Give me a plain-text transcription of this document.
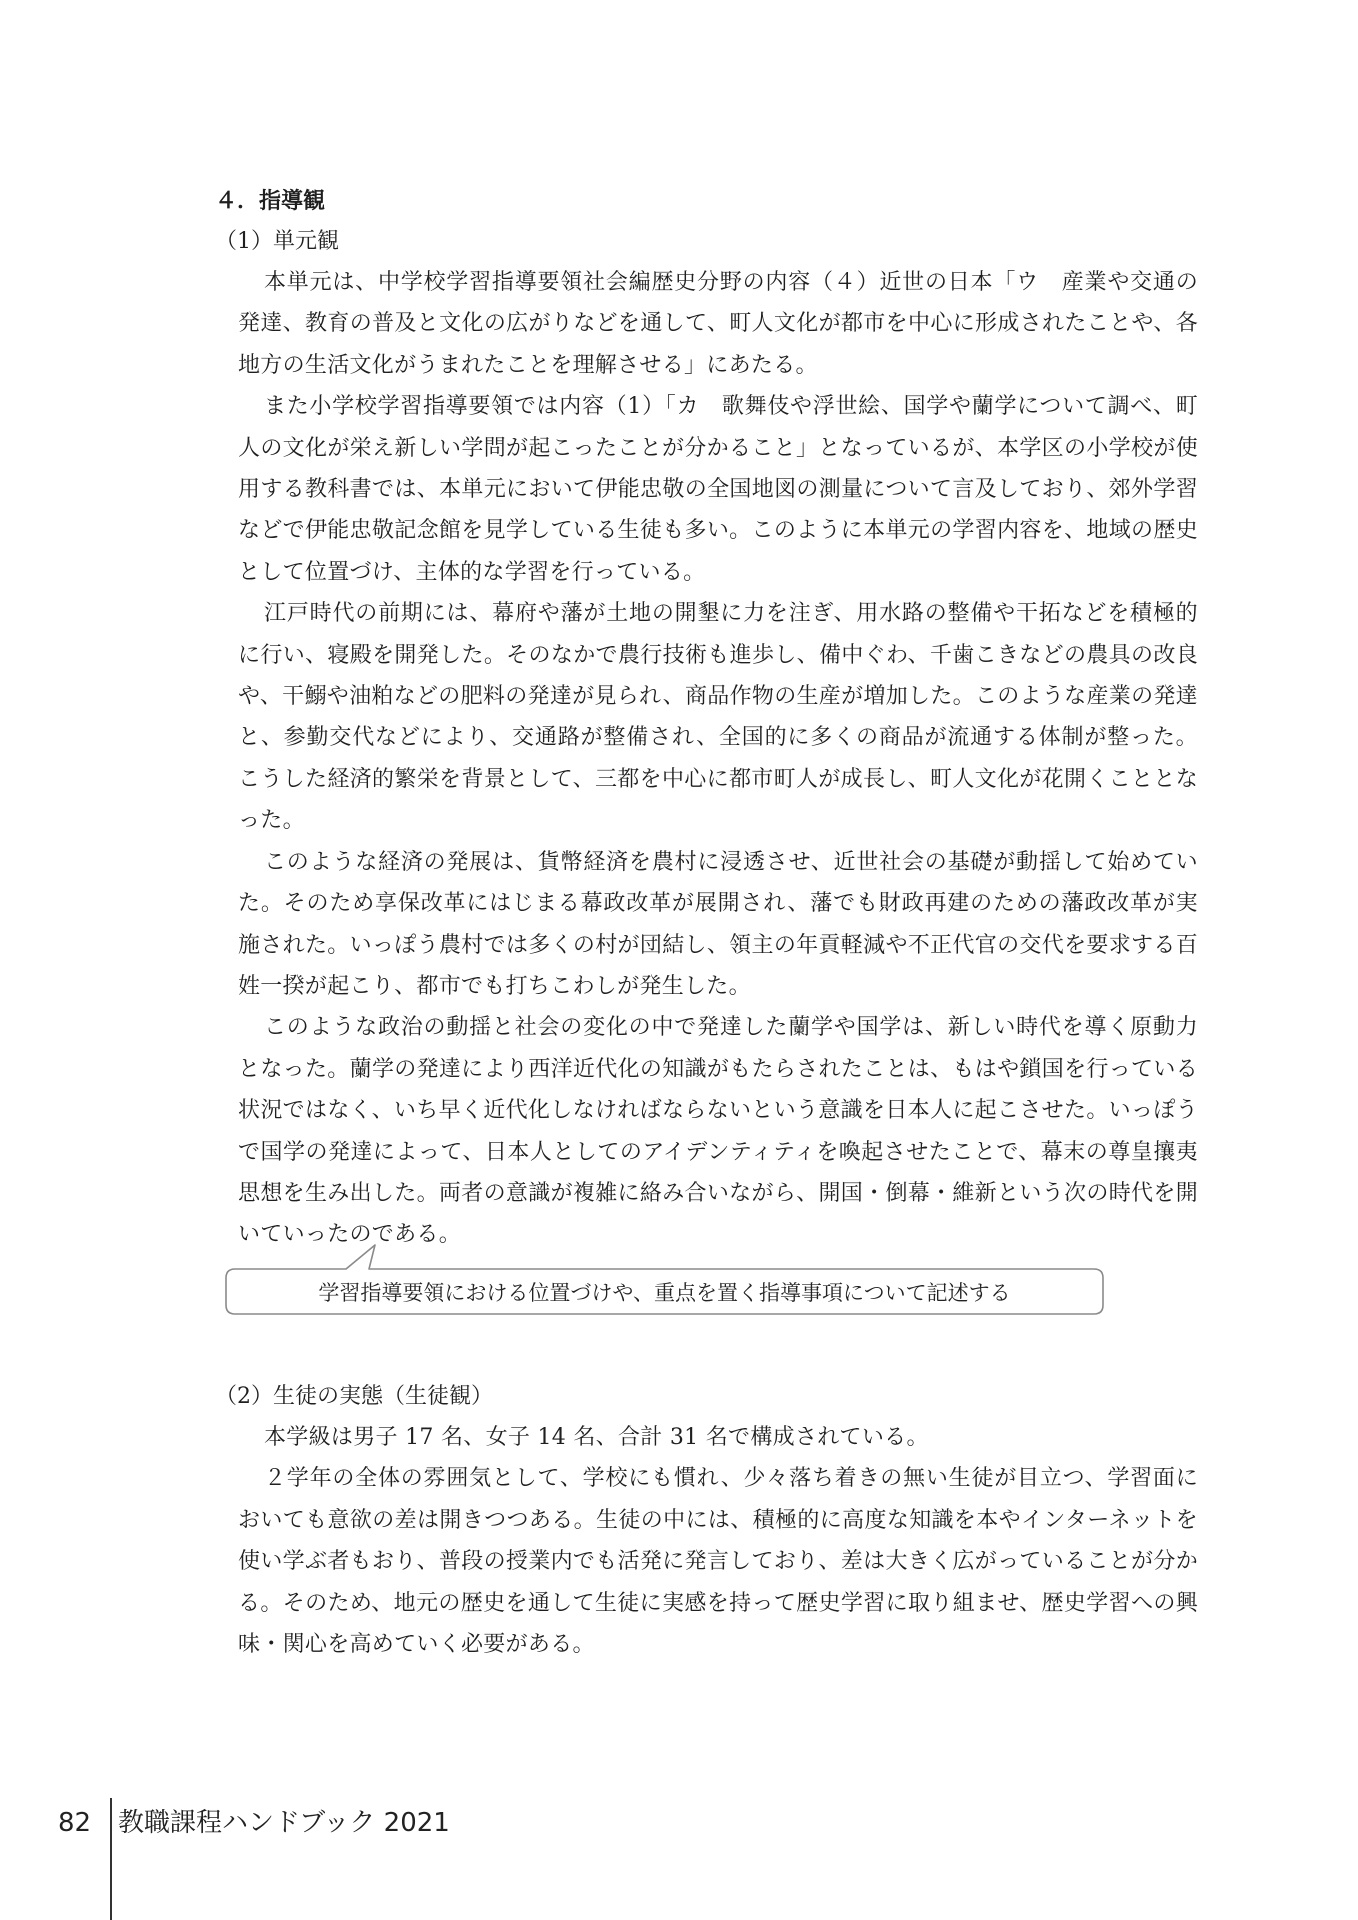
４．指導観
（1）単元観

本単元は、中学校学習指導要領社会編歴史分野の内容（４）近世の日本「ウ　産業や交通の発達、教育の普及と文化の広がりなどを通して、町人文化が都市を中心に形成されたことや、各地方の生活文化がうまれたことを理解させる」にあたる。

また小学校学習指導要領では内容（1）「カ　歌舞伎や浮世絵、国学や蘭学について調べ、町人の文化が栄え新しい学問が起こったことが分かること」となっているが、本学区の小学校が使用する教科書では、本単元において伊能忠敬の全国地図の測量について言及しており、郊外学習などで伊能忠敬記念館を見学している生徒も多い。このように本単元の学習内容を、地域の歴史として位置づけ、主体的な学習を行っている。

江戸時代の前期には、幕府や藩が土地の開墾に力を注ぎ、用水路の整備や干拓などを積極的に行い、寝殿を開発した。そのなかで農行技術も進歩し、備中ぐわ、千歯こきなどの農具の改良や、干鰯や油粕などの肥料の発達が見られ、商品作物の生産が増加した。このような産業の発達と、参勤交代などにより、交通路が整備され、全国的に多くの商品が流通する体制が整った。こうした経済的繁栄を背景として、三都を中心に都市町人が成長し、町人文化が花開くこととなった。

このような経済の発展は、貨幣経済を農村に浸透させ、近世社会の基礎が動揺して始めていた。そのため享保改革にはじまる幕政改革が展開され、藩でも財政再建のための藩政改革が実施された。いっぽう農村では多くの村が団結し、領主の年貢軽減や不正代官の交代を要求する百姓一揆が起こり、都市でも打ちこわしが発生した。

このような政治の動揺と社会の変化の中で発達した蘭学や国学は、新しい時代を導く原動力となった。蘭学の発達により西洋近代化の知識がもたらされたことは、もはや鎖国を行っている状況ではなく、いち早く近代化しなければならないという意識を日本人に起こさせた。いっぽうで国学の発達によって、日本人としてのアイデンティティを喚起させたことで、幕末の尊皇攘夷思想を生み出した。両者の意識が複雑に絡み合いながら、開国・倒幕・維新という次の時代を開いていったのである。

学習指導要領における位置づけや、重点を置く指導事項について記述する
（2）生徒の実態（生徒観）

本学級は男子 17 名、女子 14 名、合計 31 名で構成されている。

２学年の全体の雰囲気として、学校にも慣れ、少々落ち着きの無い生徒が目立つ、学習面においても意欲の差は開きつつある。生徒の中には、積極的に高度な知識を本やインターネットを使い学ぶ者もおり、普段の授業内でも活発に発言しており、差は大きく広がっていることが分かる。そのため、地元の歴史を通して生徒に実感を持って歴史学習に取り組ませ、歴史学習への興味・関心を高めていく必要がある。

82 教職課程ハンドブック 2021
